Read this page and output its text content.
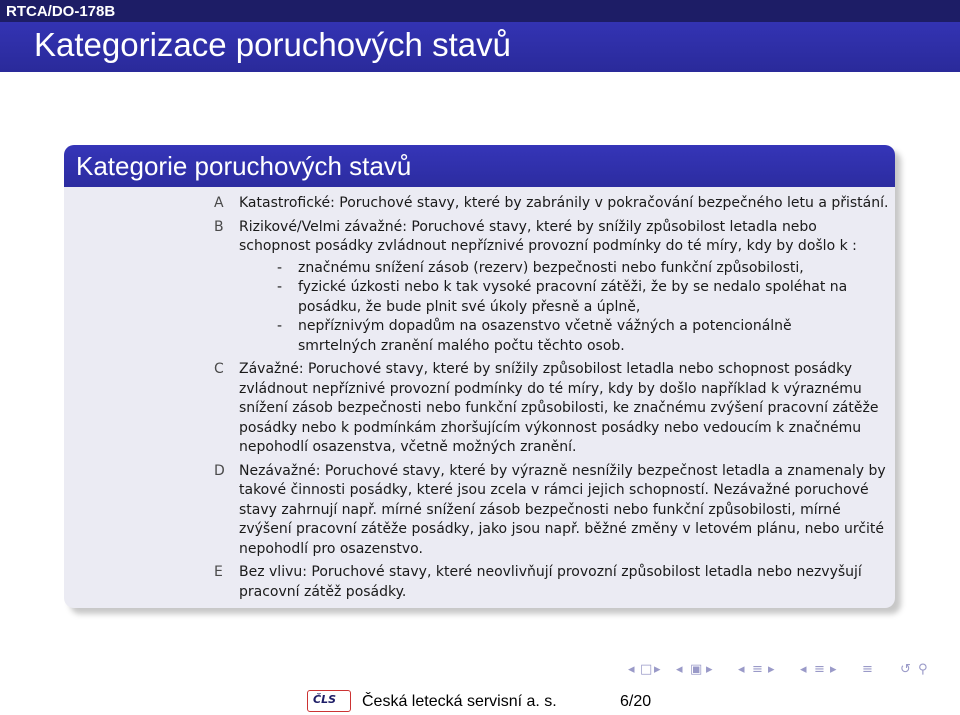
RTCA/DO-178B
Kategorizace poruchových stavů
Kategorie poruchových stavů
A Katastrofické: Poruchové stavy, které by zabránily v pokračování bezpečného letu a přistání.
B Rizikové/Velmi závažné: Poruchové stavy, které by snížily způsobilost letadla nebo schopnost posádky zvládnout nepříznivé provozní podmínky do té míry, kdy by došlo k :
- značnému snížení zásob (rezerv) bezpečnosti nebo funkční způsobilosti,
- fyzické úzkosti nebo k tak vysoké pracovní zátěži, že by se nedalo spoléhat na posádku, že bude plnit své úkoly přesně a úplně,
- nepříznivým dopadům na osazenstvo včetně vážných a potencionálně smrtelných zranění malého počtu těchto osob.
C Závažné: Poruchové stavy, které by snížily způsobilost letadla nebo schopnost posádky zvládnout nepříznivé provozní podmínky do té míry, kdy by došlo například k výraznému snížení zásob bezpečnosti nebo funkční způsobilosti, ke značnému zvýšení pracovní zátěže posádky nebo k podmínkám zhoršujícím výkonnost posádky nebo vedoucím k značnému nepohodlí osazenstva, včetně možných zranění.
D Nezávažné: Poruchové stavy, které by výrazně nesnížily bezpečnost letadla a znamenaly by takové činnosti posádky, které jsou zcela v rámci jejich schopností. Nezávažné poruchové stavy zahrnují např. mírné snížení zásob bezpečnosti nebo funkční způsobilosti, mírné zvýšení pracovní zátěže posádky, jako jsou např. běžné změny v letovém plánu, nebo určité nepohodlí pro osazenstvo.
E Bez vlivu: Poruchové stavy, které neovlivňují provozní způsobilost letadla nebo nezvyšují pracovní zátěž posádky.
◂ □ ▸ ◂ ▣ ▸ ◂ ≡ ▸ ◂ ≡ ▸ ≡ ↺ ⚲
ČLS Česká letecká servisní a. s.	6/20
